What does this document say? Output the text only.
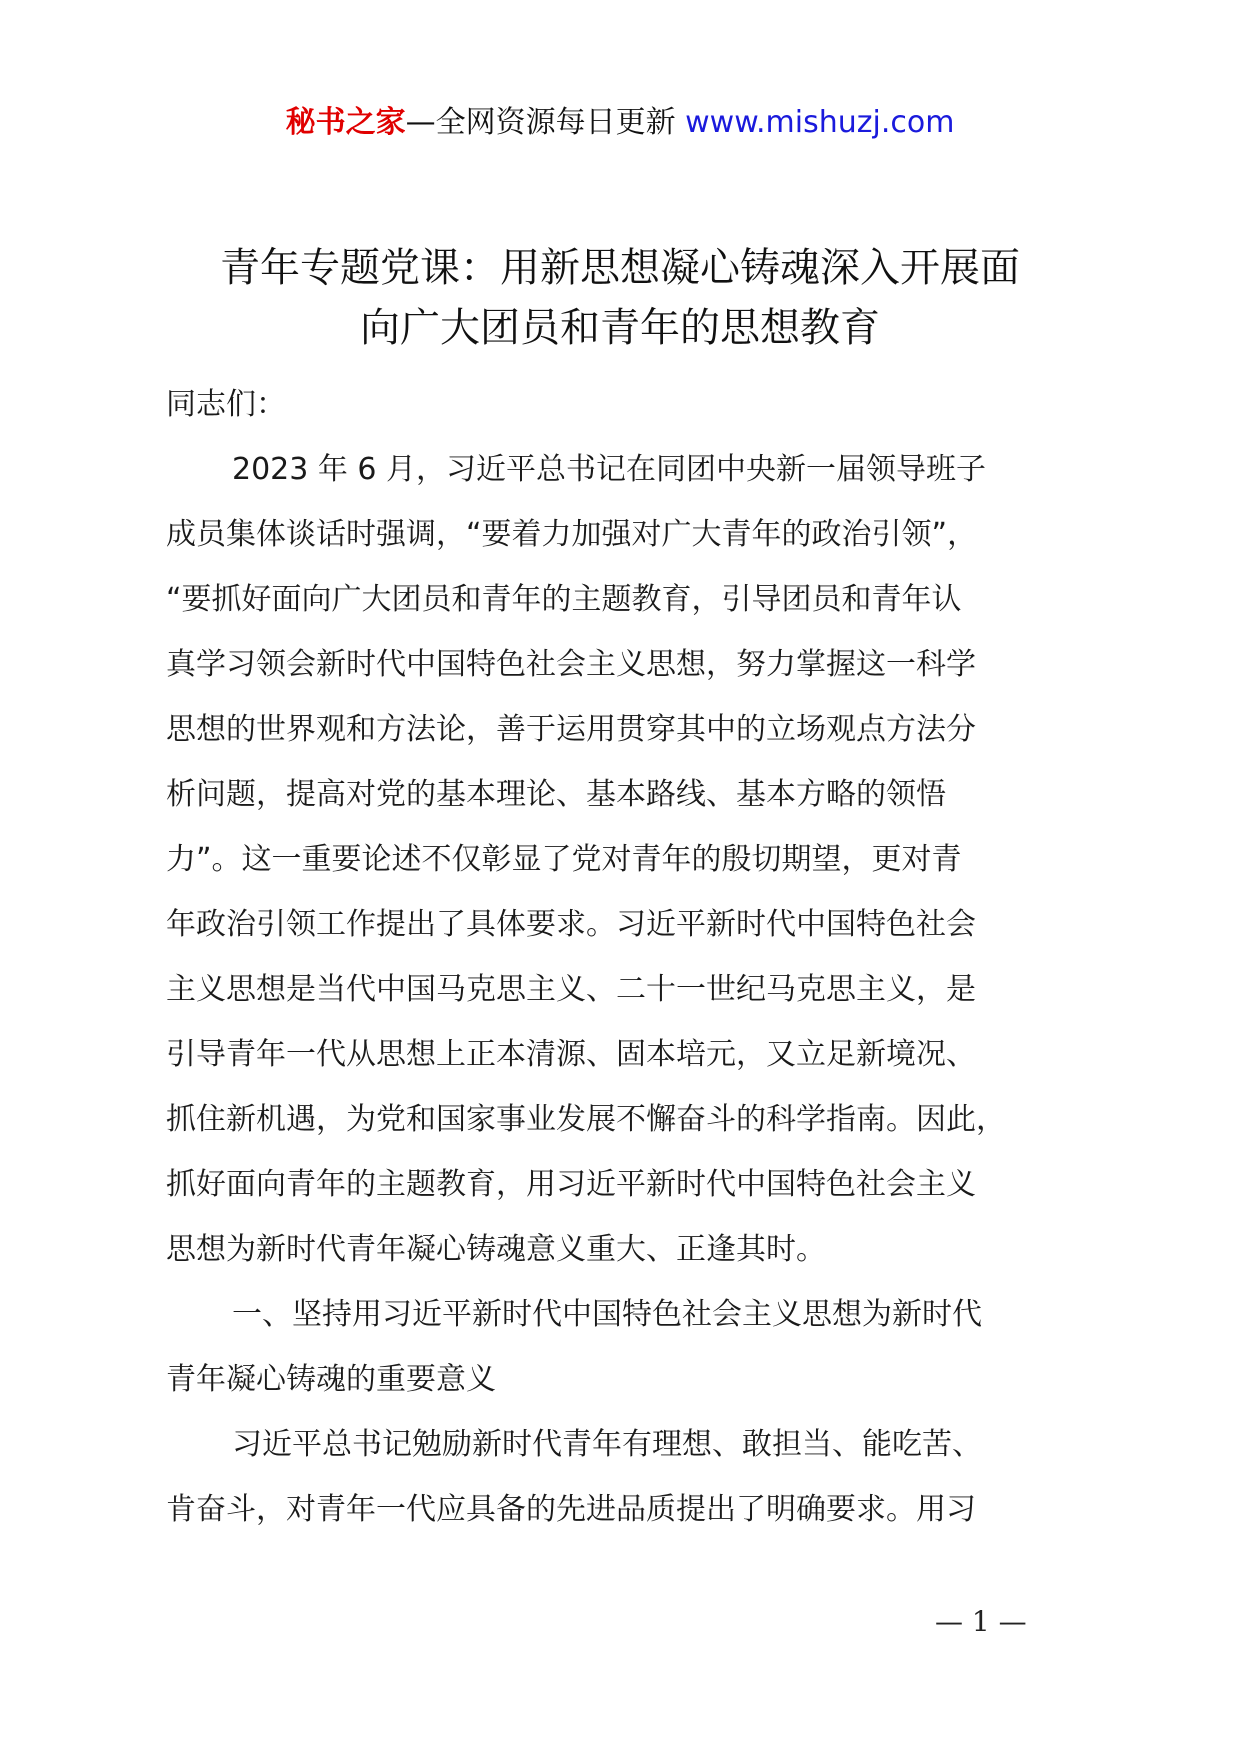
秘书之家—全网资源每日更新 www.mishuzj.com
青年专题党课：用新思想凝心铸魂深入开展面
向广大团员和青年的思想教育

同志们：

2023 年 6 月，习近平总书记在同团中央新一届领导班子
成员集体谈话时强调，“要着力加强对广大青年的政治引领”，
“要抓好面向广大团员和青年的主题教育，引导团员和青年认
真学习领会新时代中国特色社会主义思想，努力掌握这一科学
思想的世界观和方法论，善于运用贯穿其中的立场观点方法分
析问题，提高对党的基本理论、基本路线、基本方略的领悟
力”。这一重要论述不仅彰显了党对青年的殷切期望，更对青
年政治引领工作提出了具体要求。习近平新时代中国特色社会
主义思想是当代中国马克思主义、二十一世纪马克思主义，是
引导青年一代从思想上正本清源、固本培元，又立足新境况、
抓住新机遇，为党和国家事业发展不懈奋斗的科学指南。因此，
抓好面向青年的主题教育，用习近平新时代中国特色社会主义
思想为新时代青年凝心铸魂意义重大、正逢其时。

一、坚持用习近平新时代中国特色社会主义思想为新时代
青年凝心铸魂的重要意义

习近平总书记勉励新时代青年有理想、敢担当、能吃苦、
肯奋斗，对青年一代应具备的先进品质提出了明确要求。用习

— 1 —
